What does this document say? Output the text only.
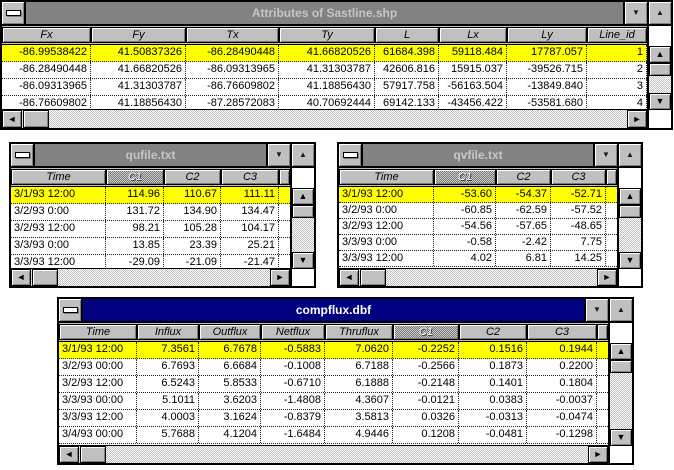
Attributes of Sastline.shp	▼
Fx	Fy	Tx	Ty	L	Lx	Ly	Line_id
-86.99538422	41.50837326	-86.28490448	41.66820526	61684.398	59118.484	17787.057	1
-86.28490448	41.66820526	-86.09313965	41.31303787	42606.816	15915.037	-39526.715	2
-86.09313965	41.31303787	-86.76609802	41.18856430	57917.758	-56163.504	-13849.840	3
-86.76609802	41.18856430	-87.28572083	40.70692444	69142.133	-43456.422	-53581.680	4
◄	►
▲
▲
▼
qufile.txt	▼
Time	C1	C2	C3
3/1/93 12:00	114.96	110.67	111.11
3/2/93 0:00	131.72	134.90	134.47
3/2/93 12:00	98.21	105.28	104.17
3/3/93 0:00	13.85	23.39	25.21
3/3/93 12:00	-29.09	-21.09	-21.47
◄	►
▲
▲
▼
qvfile.txt	▼
Time	C1	C2	C3
3/1/93 12:00	-53.60	-54.37	-52.71
3/2/93 0:00	-60.85	-62.59	-57.52
3/2/93 12:00	-54.56	-57.65	-48.65
3/3/93 0:00	-0.58	-2.42	7.75
3/3/93 12:00	4.02	6.81	14.25
◄	►
▲
▲
▼
compflux.dbf	▼
Time	Influx	Outflux	Netflux	Thruflux	C1	C2	C3
3/1/93 12:00	7.3561	6.7678	-0.5883	7.0620	-0.2252	0.1516	0.1944
3/2/93 00:00	6.7693	6.6684	-0.1008	6.7188	-0.2566	0.1873	0.2200
3/2/93 12:00	6.5243	5.8533	-0.6710	6.1888	-0.2148	0.1401	0.1804
3/3/93 00:00	5.1011	3.6203	-1.4808	4.3607	-0.0121	0.0383	-0.0037
3/3/93 12:00	4.0003	3.1624	-0.8379	3.5813	0.0326	-0.0313	-0.0474
3/4/93 00:00	5.7688	4.1204	-1.6484	4.9446	0.1208	-0.0481	-0.1298
◄	►
▲
▲
▼
